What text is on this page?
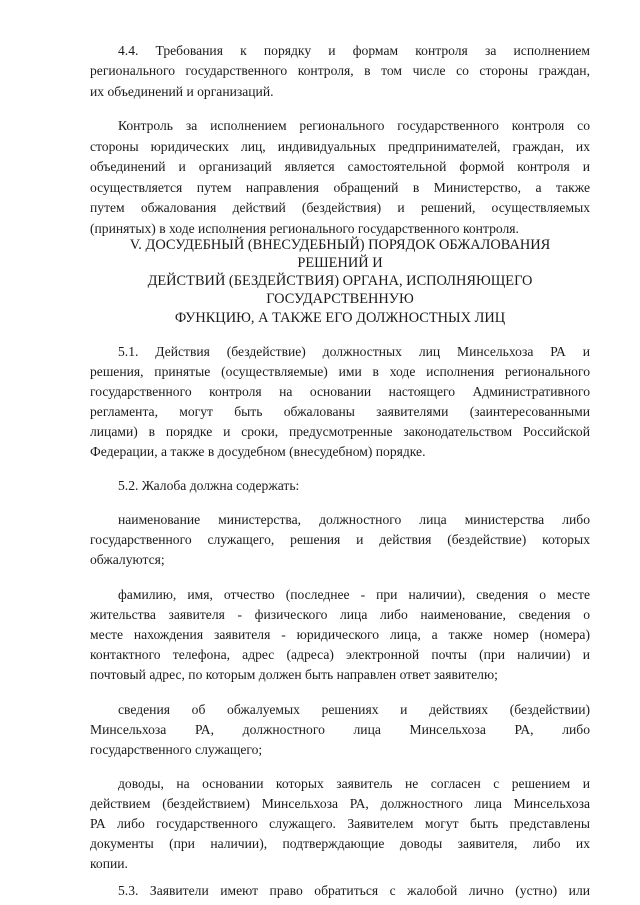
4.4. Требования к порядку и формам контроля за исполнением
регионального государственного контроля, в том числе со стороны граждан,
их объединений и организаций.
Контроль за исполнением регионального государственного контроля со
стороны юридических лиц, индивидуальных предпринимателей, граждан, их
объединений и организаций является самостоятельной формой контроля и
осуществляется путем направления обращений в Министерство, а также
путем обжалования действий (бездействия) и решений, осуществляемых
(принятых) в ходе исполнения регионального государственного контроля.
V. ДОСУДЕБНЫЙ (ВНЕСУДЕБНЫЙ) ПОРЯДОК ОБЖАЛОВАНИЯ
РЕШЕНИЙ И
ДЕЙСТВИЙ (БЕЗДЕЙСТВИЯ) ОРГАНА, ИСПОЛНЯЮЩЕГО
ГОСУДАРСТВЕННУЮ
ФУНКЦИЮ, А ТАКЖЕ ЕГО ДОЛЖНОСТНЫХ ЛИЦ
5.1. Действия (бездействие) должностных лиц Минсельхоза РА и
решения, принятые (осуществляемые) ими в ходе исполнения регионального
государственного контроля на основании настоящего Административного
регламента, могут быть обжалованы заявителями (заинтересованными
лицами) в порядке и сроки, предусмотренные законодательством Российской
Федерации, а также в досудебном (внесудебном) порядке.
5.2. Жалоба должна содержать:
наименование министерства, должностного лица министерства либо
государственного служащего, решения и действия (бездействие) которых
обжалуются;
фамилию, имя, отчество (последнее - при наличии), сведения о месте
жительства заявителя - физического лица либо наименование, сведения о
месте нахождения заявителя - юридического лица, а также номер (номера)
контактного телефона, адрес (адреса) электронной почты (при наличии) и
почтовый адрес, по которым должен быть направлен ответ заявителю;
сведения об обжалуемых решениях и действиях (бездействии)
Минсельхоза РА, должностного лица Минсельхоза РА, либо
государственного служащего;
доводы, на основании которых заявитель не согласен с решением и
действием (бездействием) Минсельхоза РА, должностного лица Минсельхоза
РА либо государственного служащего. Заявителем могут быть представлены
документы (при наличии), подтверждающие доводы заявителя, либо их
копии.
5.3. Заявители имеют право обратиться с жалобой лично (устно) или
